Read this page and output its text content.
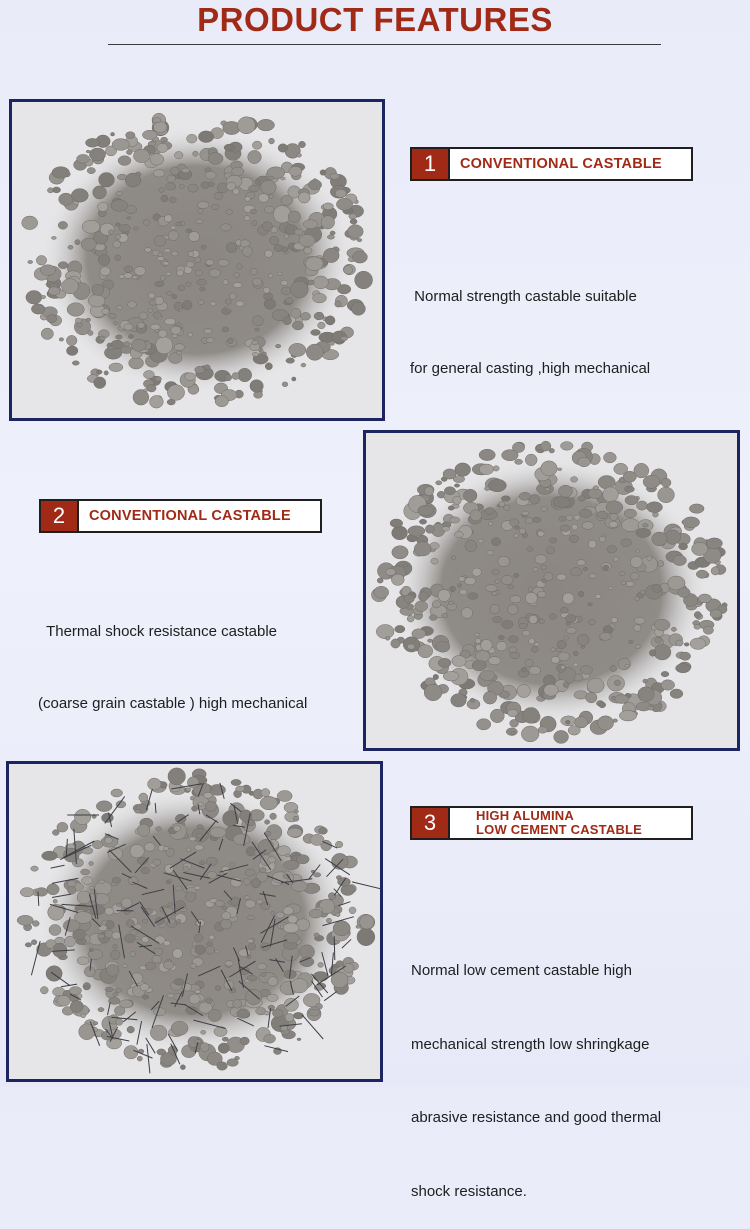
PRODUCT FEATURES
1	CONVENTIONAL CASTABLE

Normal strength castable suitable

for general casting ,high mechanical

2	CONVENTIONAL CASTABLE

Thermal shock resistance castable

(coarse grain castable ) high mechanical

3	HIGH ALUMINA
LOW CEMENT CASTABLE

Normal low cement castable high

mechanical strength low shringkage

abrasive resistance and good thermal

shock resistance.
